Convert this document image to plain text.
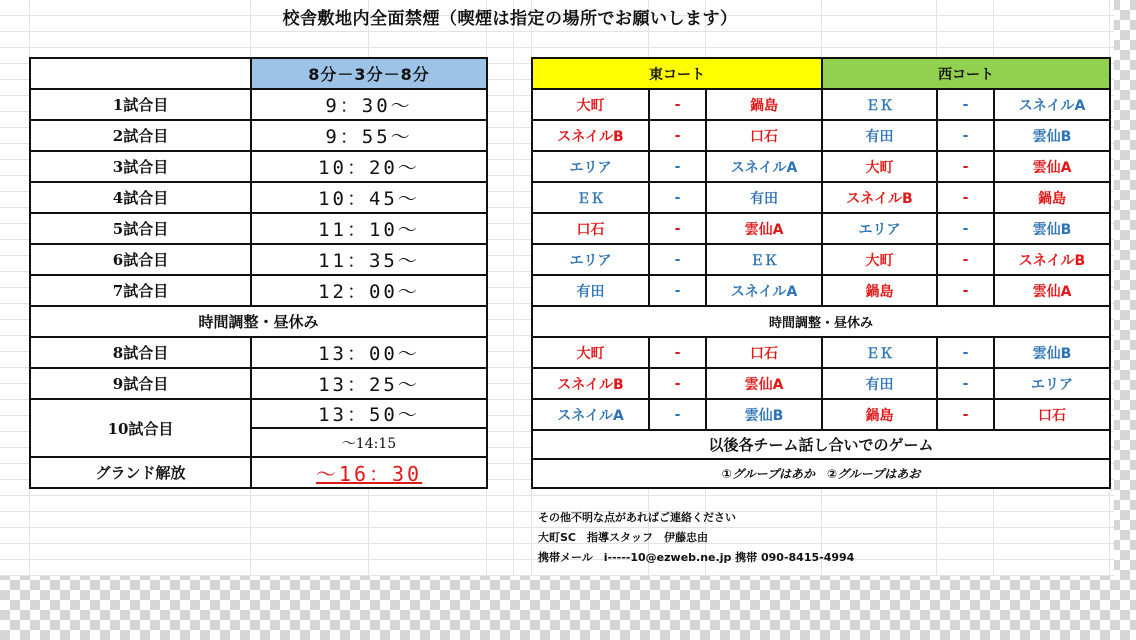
校舎敷地内全面禁煙（喫煙は指定の場所でお願いします）
	8分－3分－8分
1試合目	9：30～
2試合目	9：55～
3試合目	10：20～
4試合目	10：45～
5試合目	11：10～
6試合目	11：35～
7試合目	12：00～
時間調整・昼休み	
8試合目	13：00～
9試合目	13：25～
10試合目	13：50～
	～14:15
グランド解放	～16：30
東コート			西コート		
大町	-	鍋島	ＥＫ	-	スネイルA
スネイルB	-	口石	有田	-	雲仙B
エリア	-	スネイルA	大町	-	雲仙A
ＥＫ	-	有田	スネイルB	-	鍋島
口石	-	雲仙A	エリア	-	雲仙B
エリア	-	ＥＫ	大町	-	スネイルB
有田	-	スネイルA	鍋島	-	雲仙A
時間調整・昼休み					
大町	-	口石	ＥＫ	-	雲仙B
スネイルB	-	雲仙A	有田	-	エリア
スネイルA	-	雲仙B	鍋島	-	口石
以後各チーム話し合いでのゲーム					
①グループはあか　②グループはあお					
その他不明な点があればご連絡ください
大町SC　指導スタッフ　伊藤忠由
携帯メール　i-----10@ezweb.ne.jp 携帯 090-8415-4994
